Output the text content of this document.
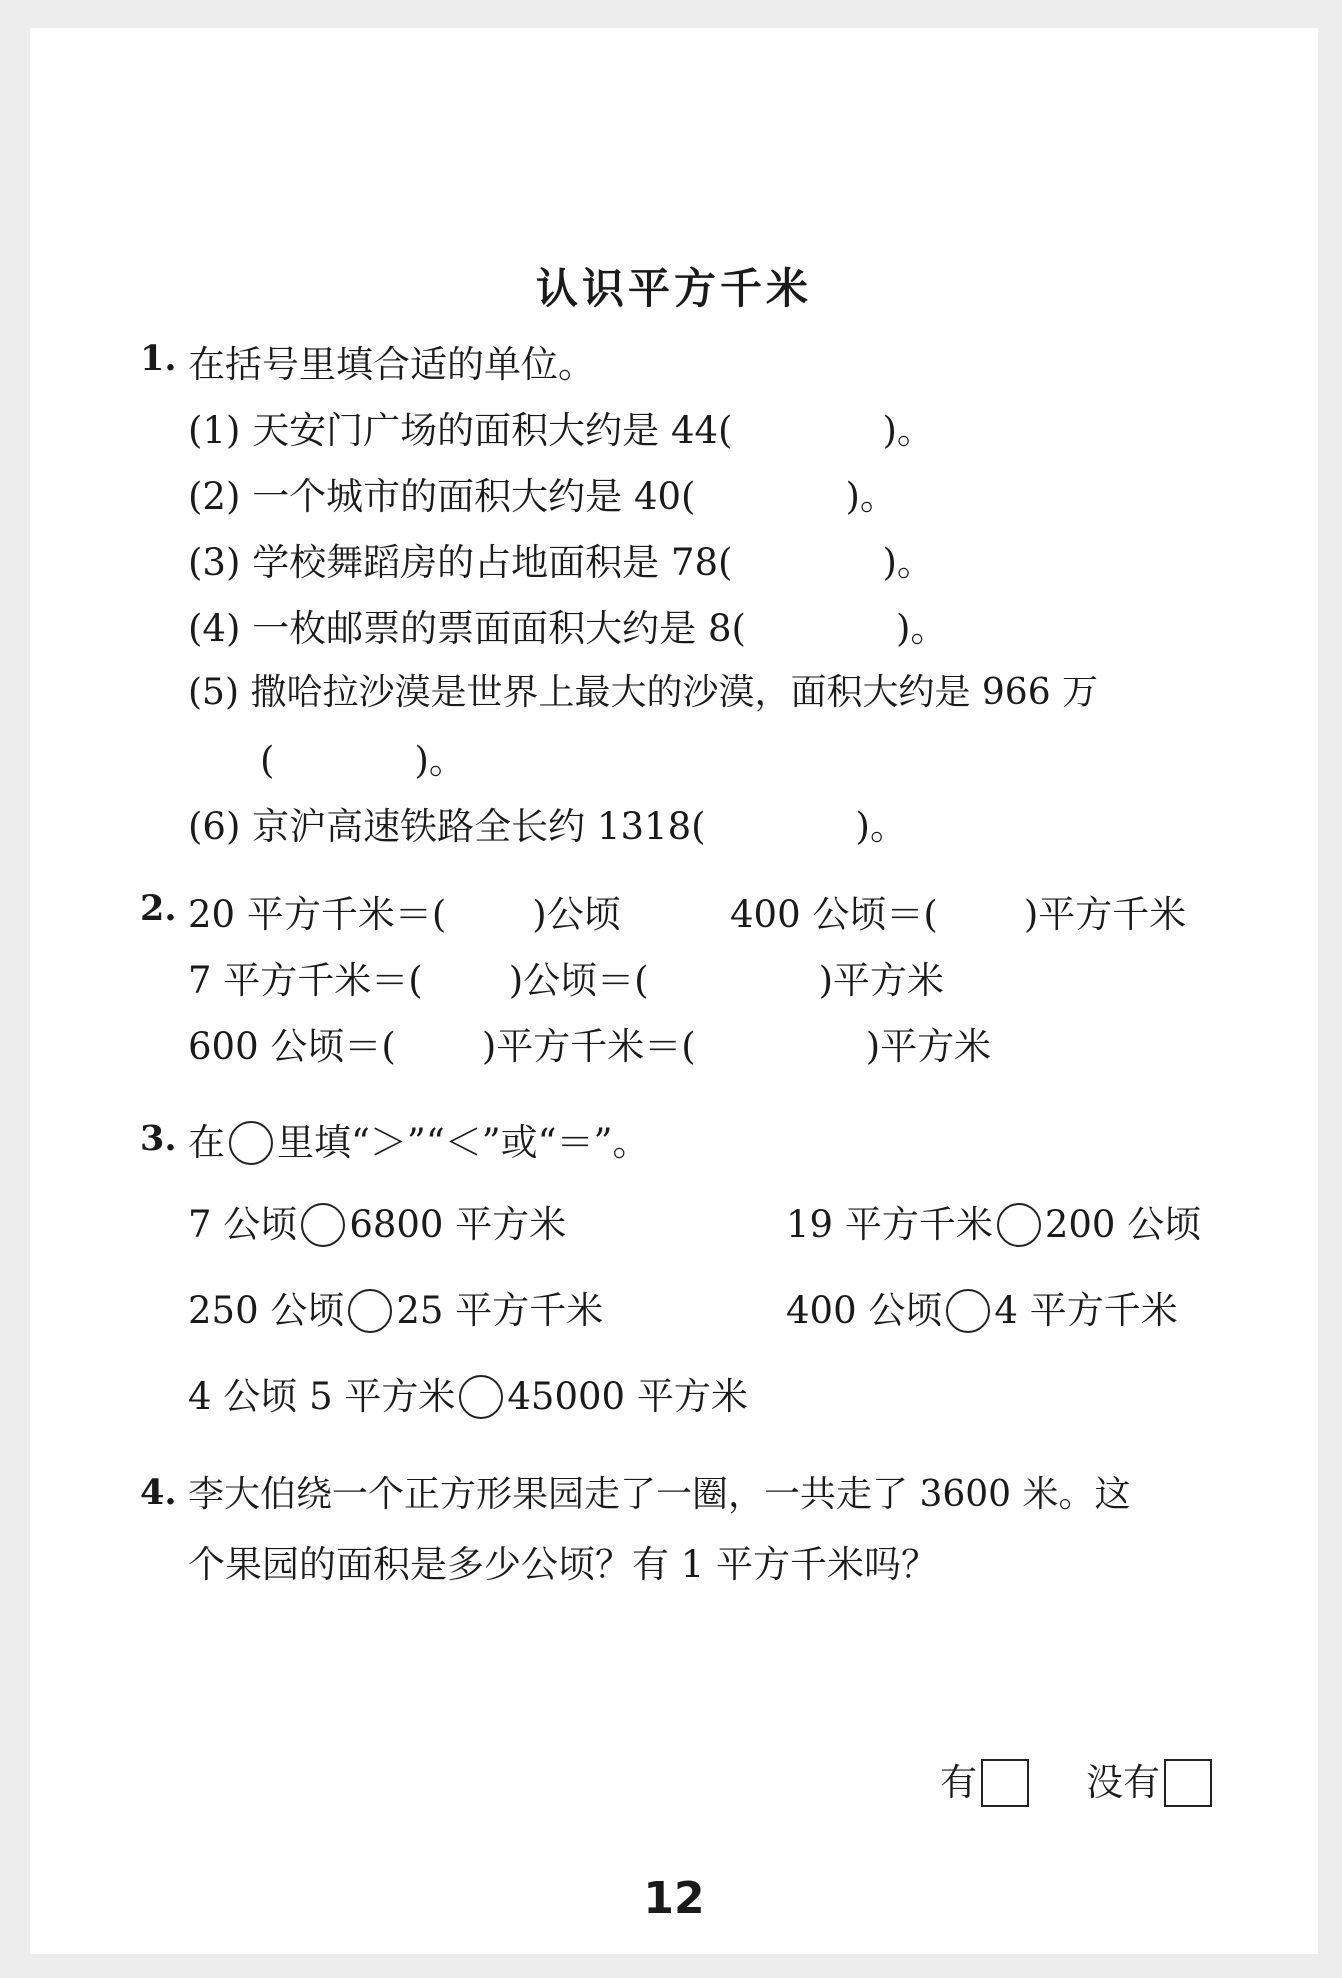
认识平方千米
1. 在括号里填合适的单位。
(1) 天安门广场的面积大约是 44(	)。
(2) 一个城市的面积大约是 40(	)。
(3) 学校舞蹈房的占地面积是 78(	)。
(4) 一枚邮票的票面面积大约是 8(	)。
(5) 撒哈拉沙漠是世界上最大的沙漠，面积大约是 966 万
(	)。
(6) 京沪高速铁路全长约 1318(	)。
2. 20 平方千米＝( )公顷	400 公顷＝( )平方千米
7 平方千米＝( )公顷＝(	)平方米
600 公顷＝( )平方千米＝(	)平方米
3. 在 里填“＞”“＜”或“＝”。
7 公顷 6800 平方米	19 平方千米 200 公顷
250 公顷 25 平方千米	400 公顷 4 平方千米
4 公顷 5 平方米 45000 平方米
4. 李大伯绕一个正方形果园走了一圈，一共走了 3600 米。这
个果园的面积是多少公顷？有 1 平方千米吗？
有	没有
12
